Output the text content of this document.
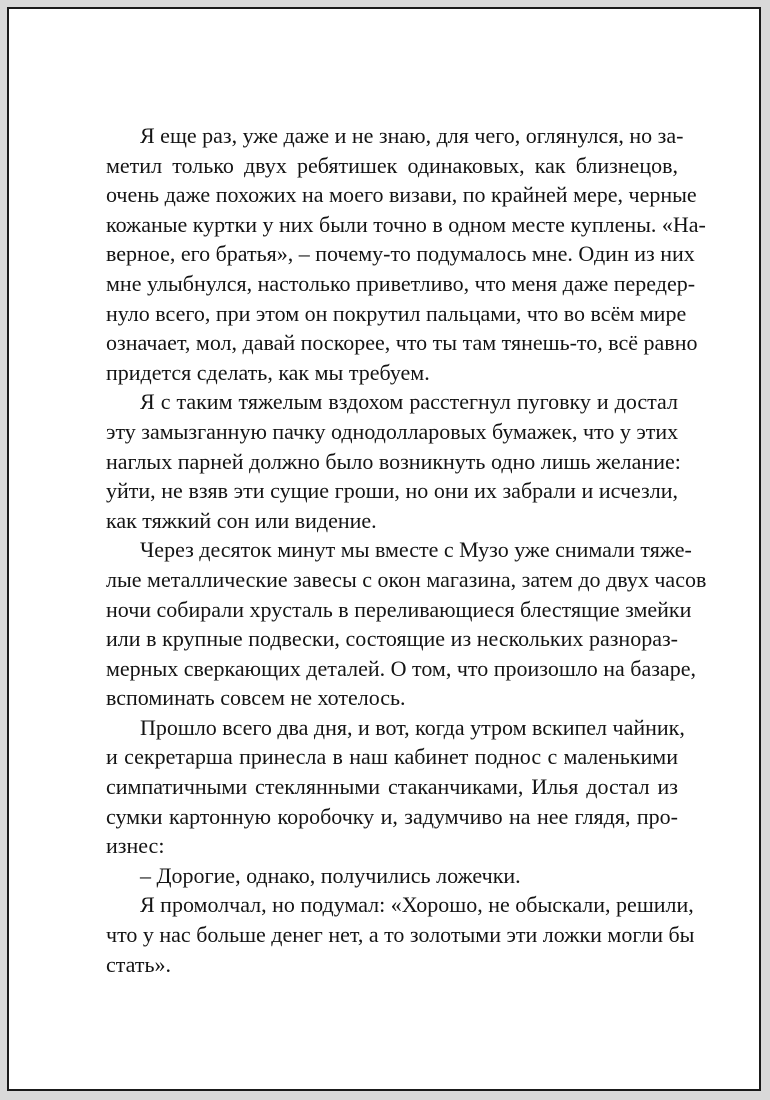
Я еще раз, уже даже и не знаю, для чего, оглянулся, но за-
метил только двух ребятишек одинаковых, как близнецов,
очень даже похожих на моего визави, по крайней мере, черные
кожаные куртки у них были точно в одном месте куплены. «На-
верное, его братья», – почему-то подумалось мне. Один из них
мне улыбнулся, настолько приветливо, что меня даже передер-
нуло всего, при этом он покрутил пальцами, что во всём мире
означает, мол, давай поскорее, что ты там тянешь-то, всё равно
придется сделать, как мы требуем.
Я с таким тяжелым вздохом расстегнул пуговку и достал
эту замызганную пачку однодолларовых бумажек, что у этих
наглых парней должно было возникнуть одно лишь желание:
уйти, не взяв эти сущие гроши, но они их забрали и исчезли,
как тяжкий сон или видение.
Через десяток минут мы вместе с Музо уже снимали тяже-
лые металлические завесы с окон магазина, затем до двух часов
ночи собирали хрусталь в переливающиеся блестящие змейки
или в крупные подвески, состоящие из нескольких разнораз-
мерных сверкающих деталей. О том, что произошло на базаре,
вспоминать совсем не хотелось.
Прошло всего два дня, и вот, когда утром вскипел чайник,
и секретарша принесла в наш кабинет поднос с маленькими
симпатичными стеклянными стаканчиками, Илья достал из
сумки картонную коробочку и, задумчиво на нее глядя, про-
изнес:
– Дорогие, однако, получились ложечки.
Я промолчал, но подумал: «Хорошо, не обыскали, решили,
что у нас больше денег нет, а то золотыми эти ложки могли бы
стать».
